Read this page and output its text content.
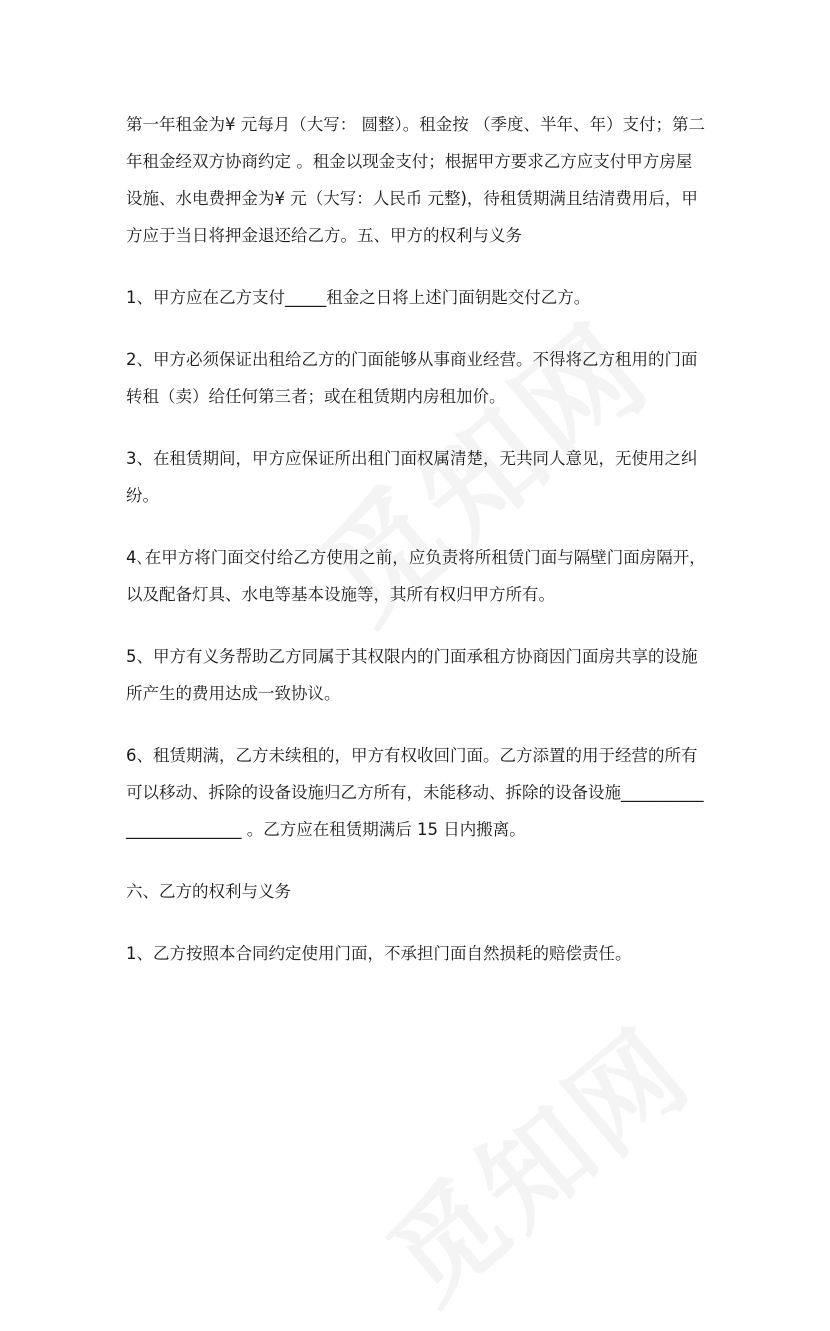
第一年租金为¥ 元每月（大写： 圆整）。租金按 （季度、半年、年）支付；第二年租金经双方协商约定 。租金以现金支付；根据甲方要求乙方应支付甲方房屋设施、水电费押金为¥ 元（大写：人民币 元整)，待租赁期满且结清费用后，甲方应于当日将押金退还给乙方。五、甲方的权利与义务

1、甲方应在乙方支付_____租金之日将上述门面钥匙交付乙方。

2、甲方必须保证出租给乙方的门面能够从事商业经营。不得将乙方租用的门面转租（卖）给任何第三者；或在租赁期内房租加价。

3、在租赁期间，甲方应保证所出租门面权属清楚，无共同人意见，无使用之纠纷。

4､在甲方将门面交付给乙方使用之前，应负责将所租赁门面与隔壁门面房隔开，以及配备灯具、水电等基本设施等，其所有权归甲方所有。

5、甲方有义务帮助乙方同属于其权限内的门面承租方协商因门面房共享的设施所产生的费用达成一致协议。

6、租赁期满，乙方未续租的，甲方有权收回门面。乙方添置的用于经营的所有可以移动、拆除的设备设施归乙方所有，未能移动、拆除的设备设施________________________ 。乙方应在租赁期满后 15 日内搬离。

六、乙方的权利与义务

1、乙方按照本合同约定使用门面，不承担门面自然损耗的赔偿责任。
